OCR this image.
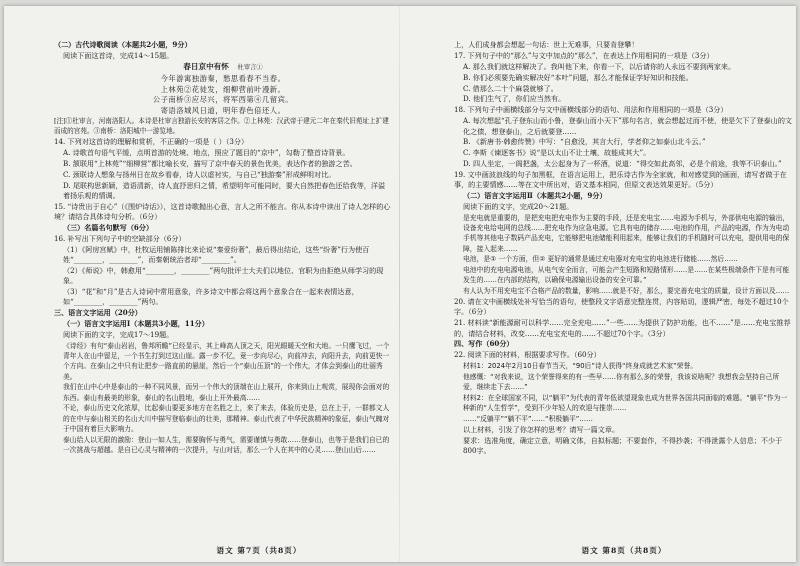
（二）古代诗歌阅读（本题共2小题，9分）

阅读下面这首诗，完成14～15题。

春日京中有怀 杜审言①

今年游寓独游秦，愁思看春不当春。

上林苑②花徒发，细柳营前叶漫新。

公子南桥③应尽兴，将军西第④几留宾。

寄语洛城风日道，明年春色倍还人。

[注]①杜审言，河南洛阳人。本诗是杜审言独游长安的客居之作。②上林苑：汉武帝于建元二年在秦代旧苑址上扩建而成的宫苑。③南桥：洛阳城中一游览地。

14. 下列对这首诗的理解和赏析，不正确的一项是（ ）（3分）

A. 诗歌首句语气平缓，点明首游的处境、地点，照应了题目的“京中”，勾勒了整首诗背景。

B. 颔联用“上林苑”“细柳营”都比喻长安，描写了京中春天的景色优美，表达作者的独游之苦。

C. 颈联诗人想象与扬州日在故乡看春，诗人以虚衬实，与自己“独游秦”形成鲜明对比。

D. 尾联构思新颖，造语清新，诗人直抒思归之情，希望明年可能同时，要大自然把春色还给我等，洋溢着扬乐观的情调。

15. “诗贵出于自心”（《围炉诗话》），这首诗歌抛出心意，言人之所不能言。你从本诗中读出了诗人怎样的心境？请结合具体诗句分析。（6分）

（三）名篇名句默写（6分）

16. 补写出下列句子中的空缺部分（6分）

（1）《阿房宫赋》中，杜牧运用铺陈排比来论说“秦爱纷奢”，最后得出结论，这些“纷奢”行为使百姓“________，________”，而秦朝统治者却“________”。

（2）《师说》中，韩愈用“________，________”两句批评士大夫们以地位、官职为由拒绝从师学习的现象。

（3）“花”和“月”是古人诗词中常用意象，许多诗文中都会将这两个意象合在一起来表情达意，如“________，________”两句。

三、语言文字运用（20分）

（一）语言文字运用Ⅰ（本题共3小题，11分）

阅读下面的文字，完成17～19题。

《诗经》有句“泰山岩岩，鲁邦所瞻”已经显示，其上峰高人顶之天，阳光眼暖天空和大地。一只鹰飞过，一个青年人在山中留足，一个书生打到过这山崖。露一步不忆，竟一步向尽心，向前冲去，向阳升去，向前更快一个方向。在泰山之中只有让把步一路直前的悬崖，然后一个“泰山压顶”的一个伟大，才体会到泰山的壮丽秀美。

我们在山中心中是泰山的一种不同风景，而另一个伟大的顶端在山上展开，你来到山上观赏，展现你会面对的东西。泰山有最美的形象，泰山的名山胜地，泰山上开外最高……

不论，泰山历史文化浓厚，比起泰山要更多地方在名胜之上，来了来去，体验历史是，总在上于，一群都文人的在中与泰山相关的名山大川中描写登临泰山的壮美，那精神。泰山代表了中华民族精神的象征，泰山气魄对于中国有着巨大影响力。

泰山给人以无限的激励：登山一如人生，需要胸怀与勇气，需要谨慎与勇敢……登泰山，也等于是我们自已的一次挑战与超越。是自已心灵与精神的一次提升，与山对话，那么一个人在其中的心灵……登山山后……

语文 第7页（共8页）

上，人们成身都会想起一句话：世上无难事，只要肯登攀！

17. 下列句子中的“那么”与文中加点的“那么”，在表达上作用相同的一项是（3分）

A. 那么我们就这样解决了。我叫他下来，你看一下，以后请你的人永远不要到两家来。

B. 你们必须要先确实解决好“本叶”问题，那么才能保证学好知识和技能。

C. 借那么二十个麻袋就够了。

D. 他们生气了，你们应当然有。

18. 下列句子中画横线部分与文中画横线部分的语句、用法和作用相同的一项是（3分）

A. 每次想起“孔子登东山而小鲁，登泰山而小天下”那句名言，就会想起过而不使，使是欠下了登泰山的文化之债，想登泰山，之后就要登……

B. 《新唐书·韩愈传赞》中写：“自愈没，其言大行，学者仰之如泰山北斗云。”

C. 李斯《谏逐客书》说“是以太山不让土壤，故能成其大”。

D. 四人坐定，一阁把盏，太公起身为了一杯酒，说道：“得交如此高邻，必是个前途，我等不识泰山。”

19. 文中画波浪线的句子加黑框，在语言运用上，把乐诗古作为全家就，和对感觉到的画面，请写者做于在事，的主要情感……等在文中所出对，语文基本相同，但原文表达效果更好。（5分）

（二）语言文字运用Ⅱ（本题共2小题，9分）

阅读下面的文字，完成20～21题。

是充电就是重要的，是把充电把充电作为主要的手段，还是充电宝……电源为手机与，外部供电电源的输出，设备充电给电网的总线……把充电作为应急电源。它具有电的储存……电池的作用，产品的电源，作为为电动手机等其他电子数码产品充电，它能够把电池储能利用起来，能够让我们的手机随时可以充电，提供用电的保障，接入起来……

电池，是① 一个方面，但② 更好的通常是通过充电器对充电宝的电池进行储能……然后……

电池中的充电电源电池，从电气安全而言，可能会产生短路和短路情形……是……在某些极端条件下是有可能发生的……在内部的结构，以确保电源输出设备的安全可靠。”

有人认为不用充电宝不合格产品的数量，影响……就是不好，那么，要完善充电宝的质量，设计方面以及……

20. 请在文中画横线处补写恰当的语句，使整段文字语意完整连贯，内容贴切，逻辑严密，每处不超过10个字。（6分）

21. 材料读“新能源耐可以科学……完全充电……”一些……为提供了防护功能，也不……”是……充电宝推荐的，请结合材料，改变……充电宝充电的……不超过70个字。（3分）

四、写作（60分）

22. 阅读下面的材料，根据要求写作。（60分）

材料1：2024年2月10日春节当天，“90后”诗人获得“终身成就艺术家”荣誉。

他感慨：“对我来说，这个荣誉得来的有一些早……你有那么多的荣誉，我该说啥呢？我想我会坚持自己所爱，继续走下去……”

材料2：在全球国家不同，以“躺平”为代表的青年低欲望现象也成为世界各国共同面临的难题。“躺平”作为一种新的“人生哲学”，受到不少年轻人的欢迎与推崇……

……“反躺平”“躺不平”……“积极躺平”……

以上材料，引发了你怎样的思考？请写一篇文章。

要求：选准角度，确定立意，明确文体，自拟标题；不要套作，不得抄袭；不得泄露个人信息；不少于800字。

语文 第8页（共8页）
